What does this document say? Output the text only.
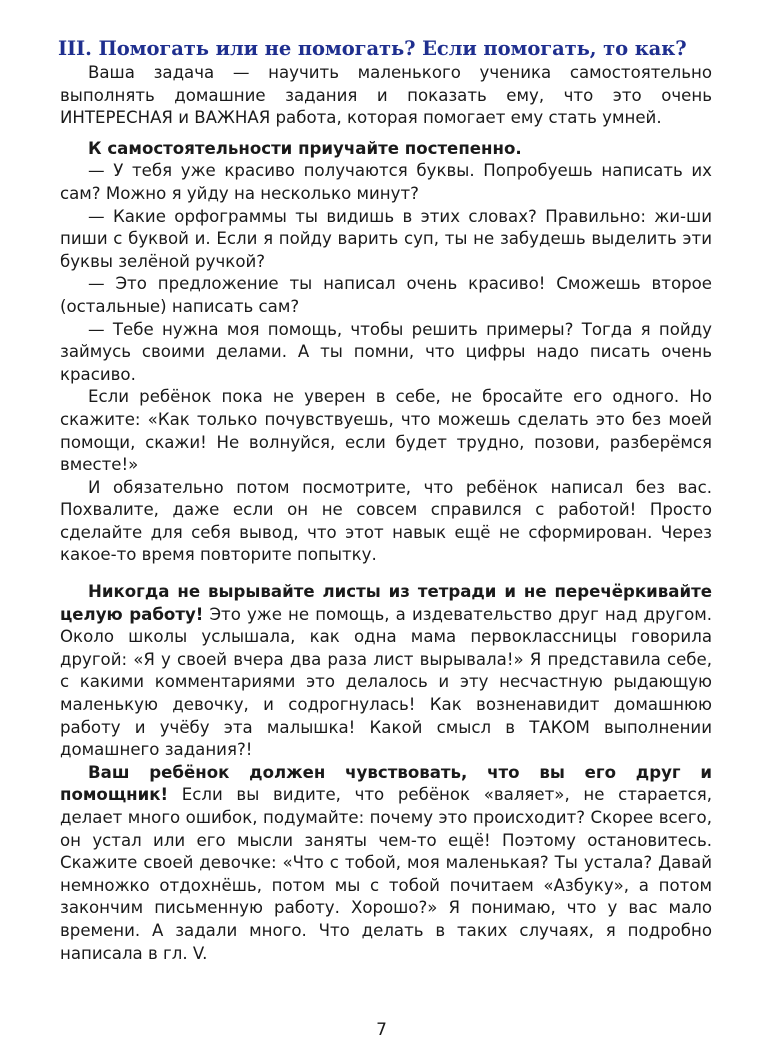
III. Помогать или не помогать? Если помогать, то как?

Ваша задача — научить маленького ученика самостоятельно выполнять домашние задания и показать ему, что это очень ИНТЕРЕСНАЯ и ВАЖНАЯ работа, которая помогает ему стать умней.

К самостоятельности приучайте постепенно.

— У тебя уже красиво получаются буквы. Попробуешь написать их сам? Можно я уйду на несколько минут?

— Какие орфограммы ты видишь в этих словах? Правильно: жи-ши пиши с буквой и. Если я пойду варить суп, ты не забудешь выделить эти буквы зелёной ручкой?

— Это предложение ты написал очень красиво! Сможешь второе (остальные) написать сам?

— Тебе нужна моя помощь, чтобы решить примеры? Тогда я пойду займусь своими делами. А ты помни, что цифры надо писать очень красиво.

Если ребёнок пока не уверен в себе, не бросайте его одного. Но скажите: «Как только почувствуешь, что можешь сделать это без моей помощи, скажи! Не волнуйся, если будет трудно, позови, разберёмся вместе!»

И обязательно потом посмотрите, что ребёнок написал без вас. Похвалите, даже если он не совсем справился с работой! Просто сделайте для себя вывод, что этот навык ещё не сформирован. Через какое-то время повторите попытку.

Никогда не вырывайте листы из тетради и не перечёркивайте целую работу! Это уже не помощь, а издевательство друг над другом. Около школы услышала, как одна мама первоклассницы говорила другой: «Я у своей вчера два раза лист вырывала!» Я представила себе, с какими комментариями это делалось и эту несчастную рыдающую маленькую девочку, и содрогнулась! Как возненавидит домашнюю работу и учёбу эта малышка! Какой смысл в ТАКОМ выполнении домашнего задания?!

Ваш ребёнок должен чувствовать, что вы его друг и помощник! Если вы видите, что ребёнок «валяет», не старается, делает много ошибок, подумайте: почему это происходит? Скорее всего, он устал или его мысли заняты чем-то ещё! Поэтому остановитесь. Скажите своей девочке: «Что с тобой, моя маленькая? Ты устала? Давай немножко отдохнёшь, потом мы с тобой почитаем «Азбуку», а потом закончим письменную работу. Хорошо?» Я понимаю, что у вас мало времени. А задали много. Что делать в таких случаях, я подробно написала в гл. V.

7
